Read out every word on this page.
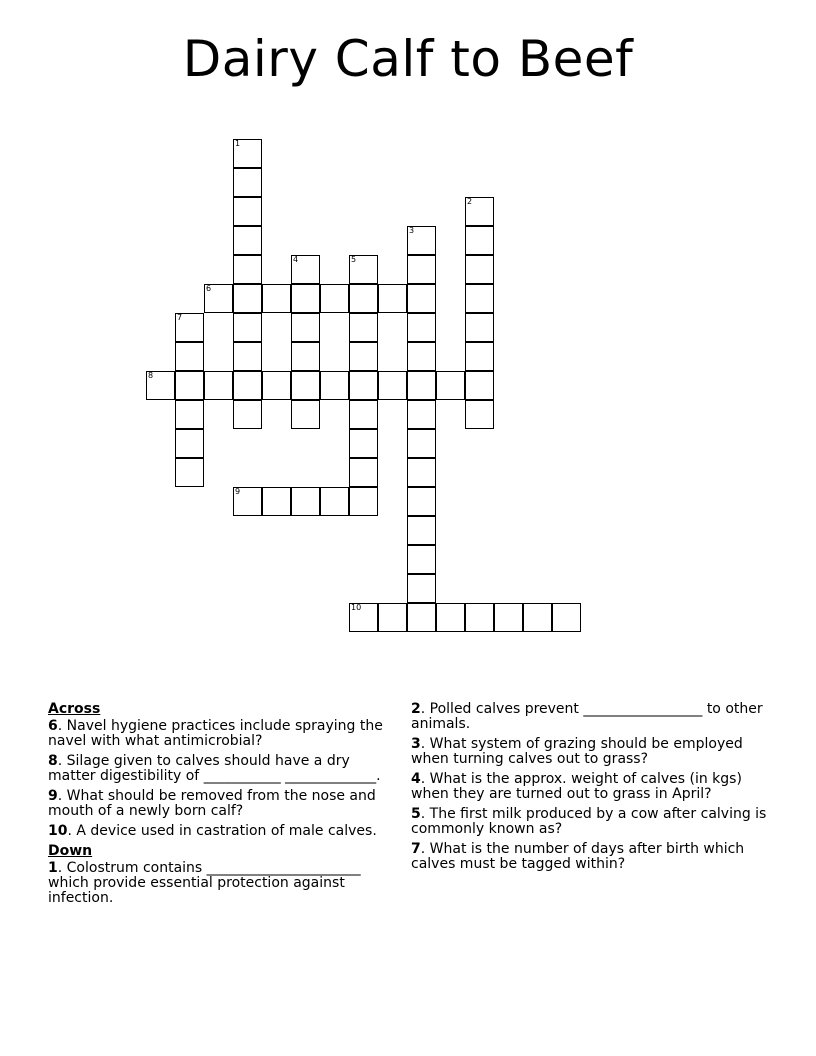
Dairy Calf to Beef
1
2
3
4	5
6
7
8
9
10
Across
6. Navel hygiene practices include spraying the navel with what antimicrobial?
8. Silage given to calves should have a dry matter digestibility of ___________ _____________.
9. What should be removed from the nose and mouth of a newly born calf?
10. A device used in castration of male calves.
Down
1. Colostrum contains ______________________ which provide essential protection against infection.
2. Polled calves prevent _________________ to other animals.
3. What system of grazing should be employed when turning calves out to grass?
4. What is the approx. weight of calves (in kgs) when they are turned out to grass in April?
5. The first milk produced by a cow after calving is commonly known as?
7. What is the number of days after birth which calves must be tagged within?
